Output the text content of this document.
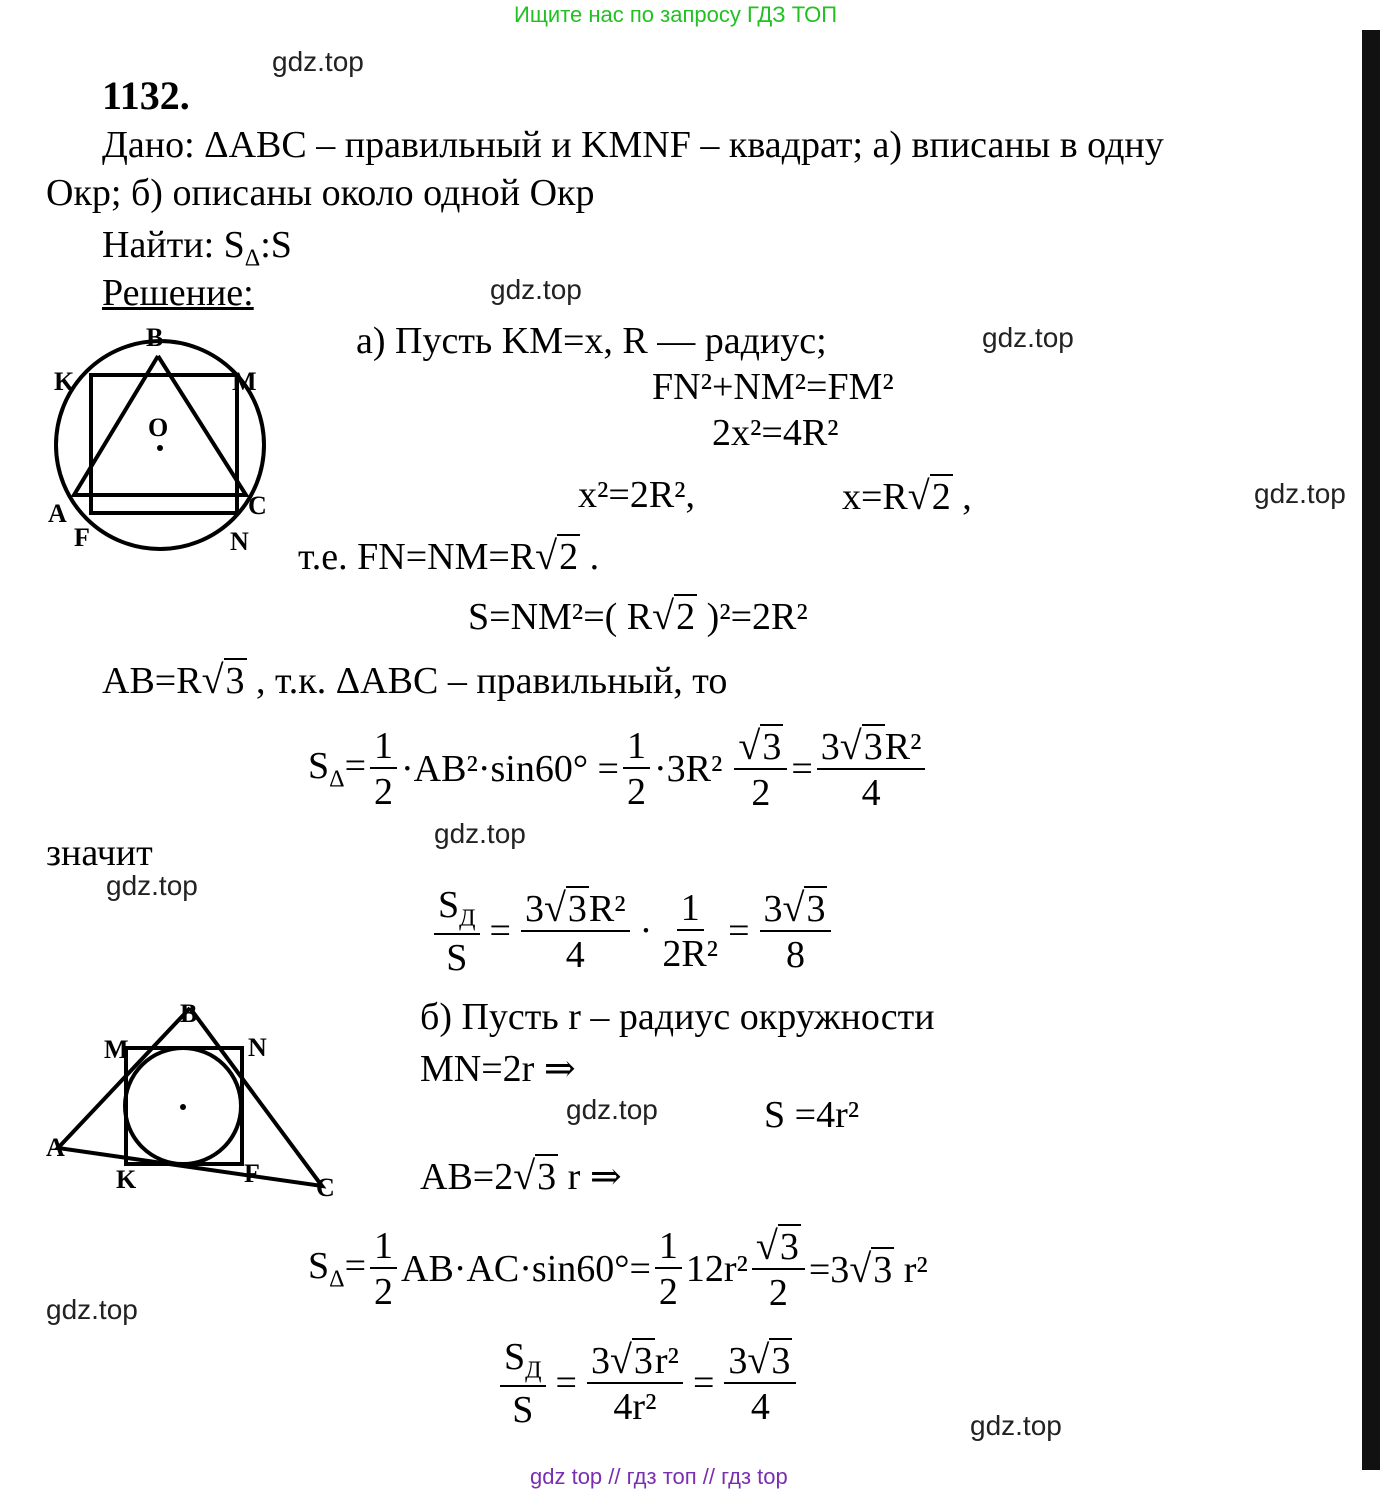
Ищите нас по запросу ГДЗ ТОП
gdz.top
gdz.top
gdz.top
gdz.top
gdz.top
gdz.top
gdz.top
gdz.top
gdz.top
1132.
Дано: ΔABC – правильный и KMNF – квадрат; а) вписаны в одну
Окр; б) описаны около одной Окр
Найти: $S_\Delta:S$
Решение:
B
K	M
O
A	C
F	N
а) Пусть KM=x, R — радиус;
FN²+NM²=FM²
2x²=4R²
x²=2R²,	x=R√2 ,
т.е. FN=NM=R√2 .
S=NM²=( R√2 )²=2R²
AB=R√3 , т.к. ΔABC – правильный, то
$S_\Delta= \frac{1}{2} \cdot AB^2\cdot\sin 60^\circ = \frac{1}{2} \cdot 3R^2 \frac{√3}{2} = \frac{\text{3√3R²}}{4}$
значит
$\frac{S_Д}{S} = \frac{\text{3√3R²}}{4} \cdot \frac{1}{\text{2R²}} = \frac{3√3}{8}$
B
M	N
A
K	F C
б) Пусть r – радиус окружности
MN=2r ⇒
S =4r²
AB=2√3 r ⇒
$S_\Delta= \frac{1}{2} AB\cdot AC\cdot\sin 60^\circ= \frac{1}{2} 12r^2 \frac{√3}{2} =3√3$ r²
$\frac{S_Д}{S} = \frac{\text{3√3r²}}{\text{4r²}} = \frac{3√3}{4}$
gdz top // гдз топ // гдз top
